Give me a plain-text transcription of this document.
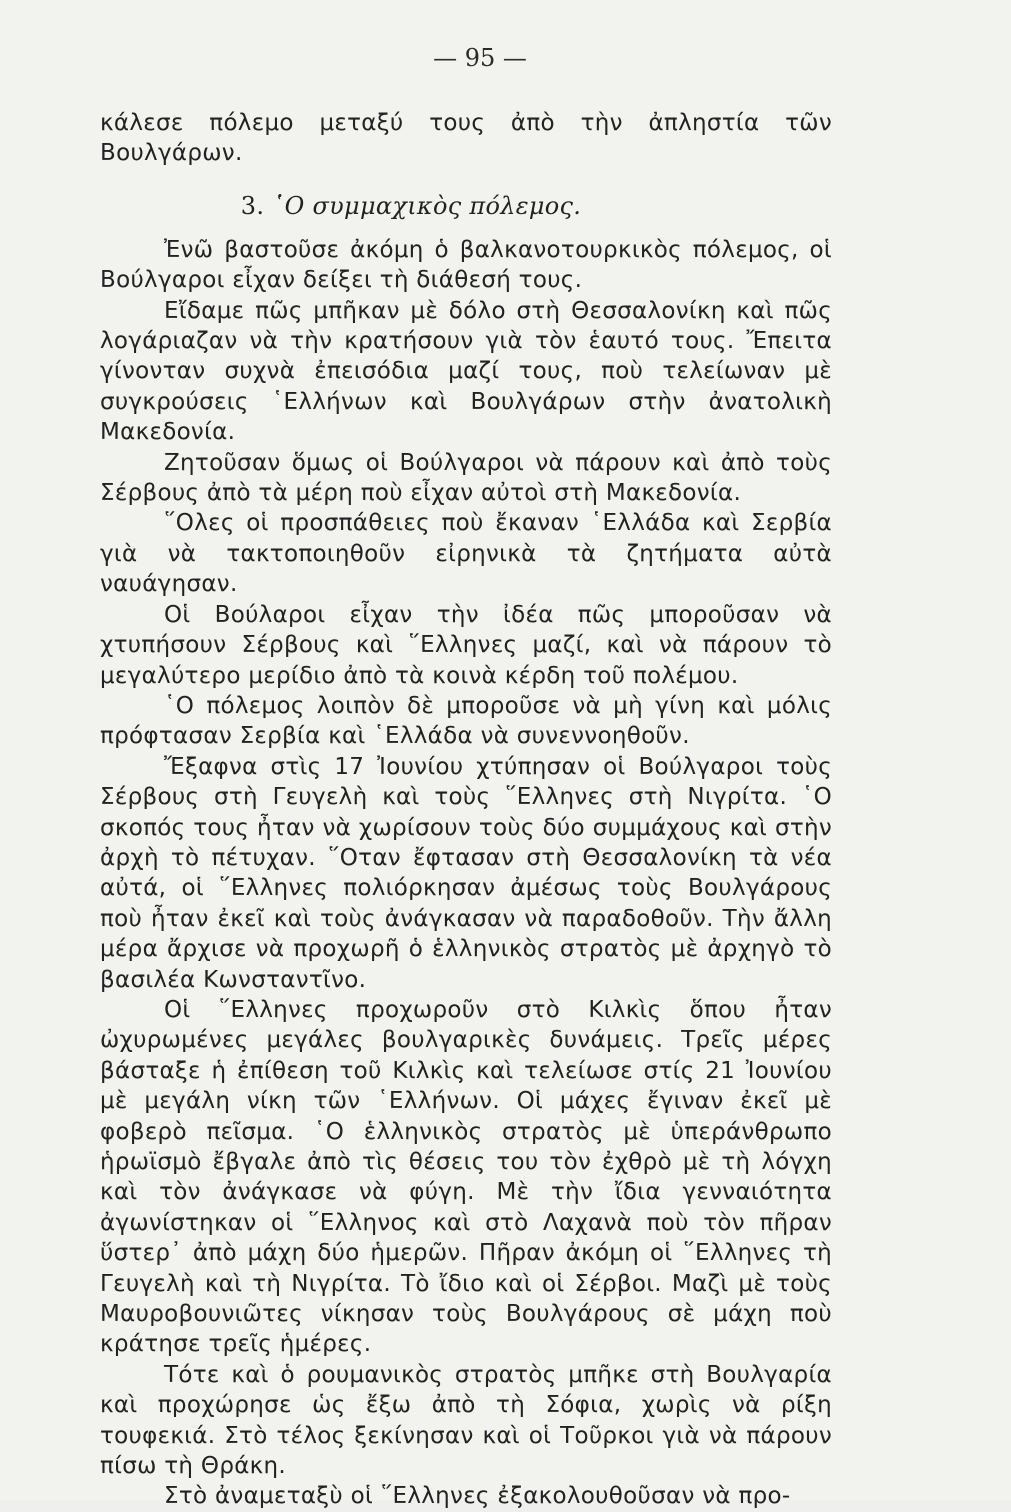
— 95 —

κάλεσε πόλεμο μεταξύ τους ἀπὸ τὴν ἀπληστία τῶν Βουλγάρων.

3. ῾Ο συμμαχικὸς πόλεμος.

Ἐνῶ βαστοῦσε ἀκόμη ὁ βαλκανοτουρκικὸς πόλεμος, οἱ Βούλγαροι εἶχαν δείξει τὴ διάθεσή τους.

Εἴδαμε πῶς μπῆκαν μὲ δόλο στὴ Θεσσαλονίκη καὶ πῶς λογάριαζαν νὰ τὴν κρατήσουν γιὰ τὸν ἑαυτό τους. Ἔπειτα γίνονταν συχνὰ ἐπεισόδια μαζί τους, ποὺ τελείωναν μὲ συγκρούσεις ῾Ελλήνων καὶ Βουλγάρων στὴν ἀνατολικὴ Μακεδονία.

Ζητοῦσαν ὅμως οἱ Βούλγαροι νὰ πάρουν καὶ ἀπὸ τοὺς Σέρβους ἀπὸ τὰ μέρη ποὺ εἶχαν αὐτοὶ στὴ Μακεδονία.

῞Ολες οἱ προσπάθειες ποὺ ἔκαναν ῾Ελλάδα καὶ Σερβία γιὰ νὰ τακτοποιηθοῦν εἰρηνικὰ τὰ ζητήματα αὐτὰ ναυάγησαν.

Οἱ Βούλαροι εἶχαν τὴν ἰδέα πῶς μποροῦσαν νὰ χτυπήσουν Σέρβους καὶ ῞Ελληνες μαζί, καὶ νὰ πάρουν τὸ μεγαλύτερο μερίδιο ἀπὸ τὰ κοινὰ κέρδη τοῦ πολέμου.

῾Ο πόλεμος λοιπὸν δὲ μποροῦσε νὰ μὴ γίνη καὶ μόλις πρόφτασαν Σερβία καὶ ῾Ελλάδα νὰ συνεννοηθοῦν.

Ἔξαφνα στὶς 17 Ἰουνίου χτύπησαν οἱ Βούλγαροι τοὺς Σέρβους στὴ Γευγελὴ καὶ τοὺς ῞Ελληνες στὴ Νιγρίτα. ῾Ο σκοπός τους ἦταν νὰ χωρίσουν τοὺς δύο συμμάχους καὶ στὴν ἀρχὴ τὸ πέτυχαν. ῞Οταν ἔφτασαν στὴ Θεσσαλονίκη τὰ νέα αὐτά, οἱ ῞Ελληνες πολιόρκησαν ἀμέσως τοὺς Βουλγάρους ποὺ ἦταν ἐκεῖ καὶ τοὺς ἀνάγκασαν νὰ παραδοθοῦν. Τὴν ἄλλη μέρα ἄρχισε νὰ προχωρῆ ὁ ἑλληνικὸς στρατὸς μὲ ἀρχηγὸ τὸ βασιλέα Κωνσταντῖνο.

Οἱ ῞Ελληνες προχωροῦν στὸ Κιλκὶς ὅπου ἦταν ὠχυρωμένες μεγάλες βουλγαρικὲς δυνάμεις. Τρεῖς μέρες βάσταξε ἡ ἐπίθεση τοῦ Κιλκὶς καὶ τελείωσε στίς 21 Ἰουνίου μὲ μεγάλη νίκη τῶν ῾Ελλήνων. Οἱ μάχες ἔγιναν ἐκεῖ μὲ φοβερὸ πεῖσμα. ῾Ο ἑλληνικὸς στρατὸς μὲ ὑπεράνθρωπο ἡρωϊσμὸ ἔβγαλε ἀπὸ τὶς θέσεις του τὸν ἐχθρὸ μὲ τὴ λόγχη καὶ τὸν ἀνάγκασε νὰ φύγη. Μὲ τὴν ἴδια γενναιότητα ἀγωνίστηκαν οἱ ῞Ελληνος καὶ στὸ Λαχανὰ ποὺ τὸν πῆραν ὕστερ᾽ ἀπὸ μάχη δύο ἡμερῶν. Πῆραν ἀκόμη οἱ ῞Ελληνες τὴ Γευγελὴ καὶ τὴ Νιγρίτα. Τὸ ἴδιο καὶ οἱ Σέρβοι. Μαζὶ μὲ τοὺς Μαυροβουνιῶτες νίκησαν τοὺς Βουλγάρους σὲ μάχη ποὺ κράτησε τρεῖς ἡμέρες.

Τότε καὶ ὁ ρουμανικὸς στρατὸς μπῆκε στὴ Βουλγαρία καὶ προχώρησε ὡς ἔξω ἀπὸ τὴ Σόφια, χωρὶς νὰ ρίξη τουφεκιά. Στὸ τέλος ξεκίνησαν καὶ οἱ Τοῦρκοι γιὰ νὰ πάρουν πίσω τὴ Θράκη.

Στὸ ἀναμεταξὺ οἱ ῞Ελληνες ἐξακολουθοῦσαν νὰ προ-
